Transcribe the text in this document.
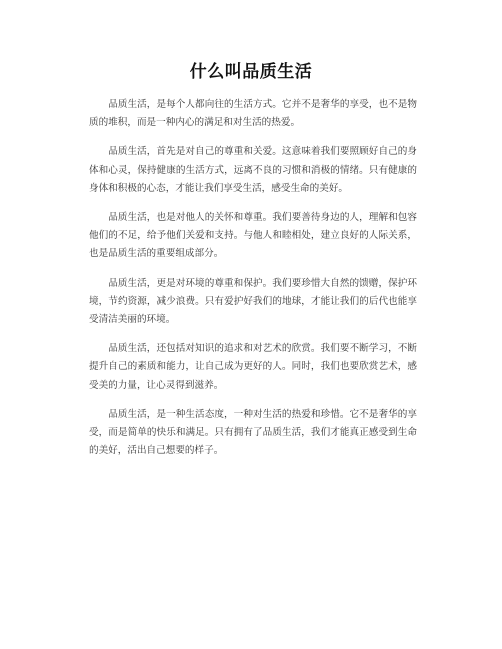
什么叫品质生活

品质生活，是每个人都向往的生活方式。它并不是奢华的享受，也不是物质的堆积，而是一种内心的满足和对生活的热爱。

品质生活，首先是对自己的尊重和关爱。这意味着我们要照顾好自己的身体和心灵，保持健康的生活方式，远离不良的习惯和消极的情绪。只有健康的身体和积极的心态，才能让我们享受生活，感受生命的美好。

品质生活，也是对他人的关怀和尊重。我们要善待身边的人，理解和包容他们的不足，给予他们关爱和支持。与他人和睦相处，建立良好的人际关系，也是品质生活的重要组成部分。

品质生活，更是对环境的尊重和保护。我们要珍惜大自然的馈赠，保护环境，节约资源，减少浪费。只有爱护好我们的地球，才能让我们的后代也能享受清洁美丽的环境。

品质生活，还包括对知识的追求和对艺术的欣赏。我们要不断学习，不断提升自己的素质和能力，让自己成为更好的人。同时，我们也要欣赏艺术，感受美的力量，让心灵得到滋养。

品质生活，是一种生活态度，一种对生活的热爱和珍惜。它不是奢华的享受，而是简单的快乐和满足。只有拥有了品质生活，我们才能真正感受到生命的美好，活出自己想要的样子。
